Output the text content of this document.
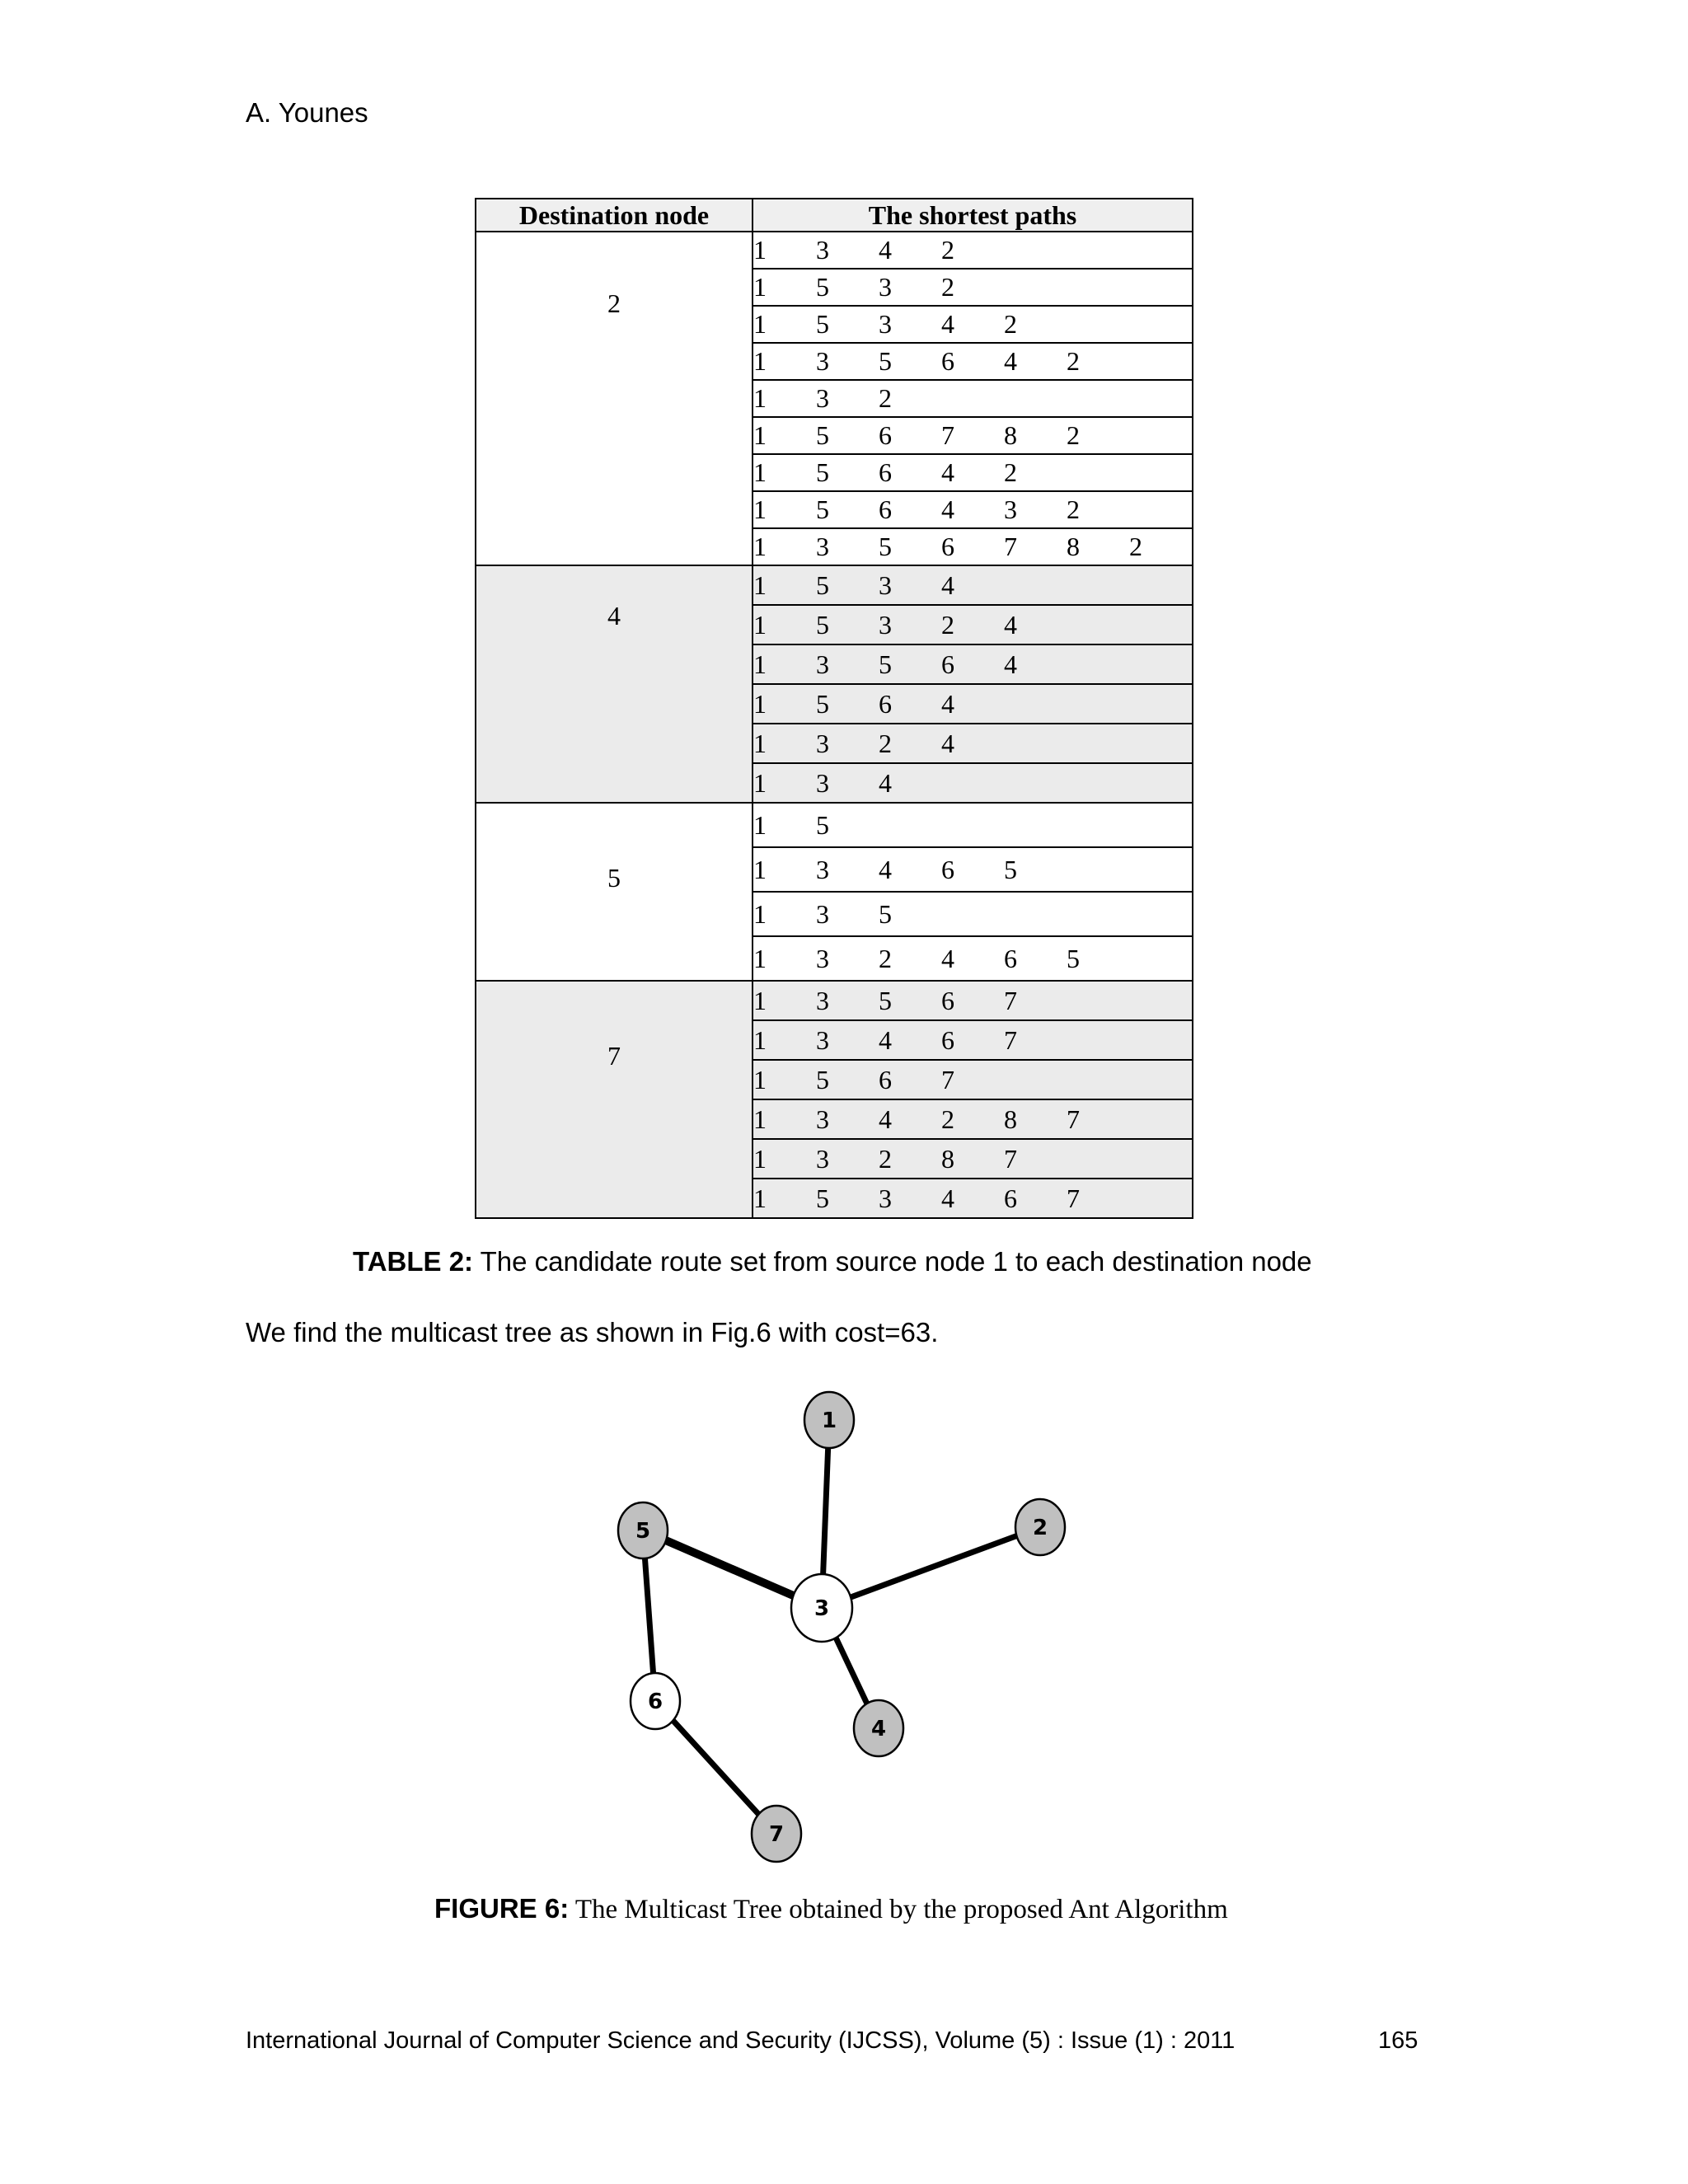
A. Younes
Destination node	The shortest paths

2	1 3 4 2
	1 5 3 2
	1 5 3 4 2
	1 3 5 6 4 2
	1 3 2
	1 5 6 7 8 2
	1 5 6 4 2
	1 5 6 4 3 2
	1 3 5 6 7 8 2

4	1 5 3 4
	1 5 3 2 4
	1 3 5 6 4
	1 5 6 4
	1 3 2 4
	1 3 4

5	1 5
	1 3 4 6 5
	1 3 5
	1 3 2 4 6 5

7	1 3 5 6 7
	1 3 4 6 7
	1 5 6 7
	1 3 4 2 8 7
	1 3 2 8 7
	1 5 3 4 6 7
TABLE 2: The candidate route set from source node 1 to each destination node
We find the multicast tree as shown in Fig.6 with cost=63.
1
2
3
4
5
6
7
FIGURE 6: The Multicast Tree obtained by the proposed Ant Algorithm
International Journal of Computer Science and Security (IJCSS), Volume (5) : Issue (1) : 2011	165
